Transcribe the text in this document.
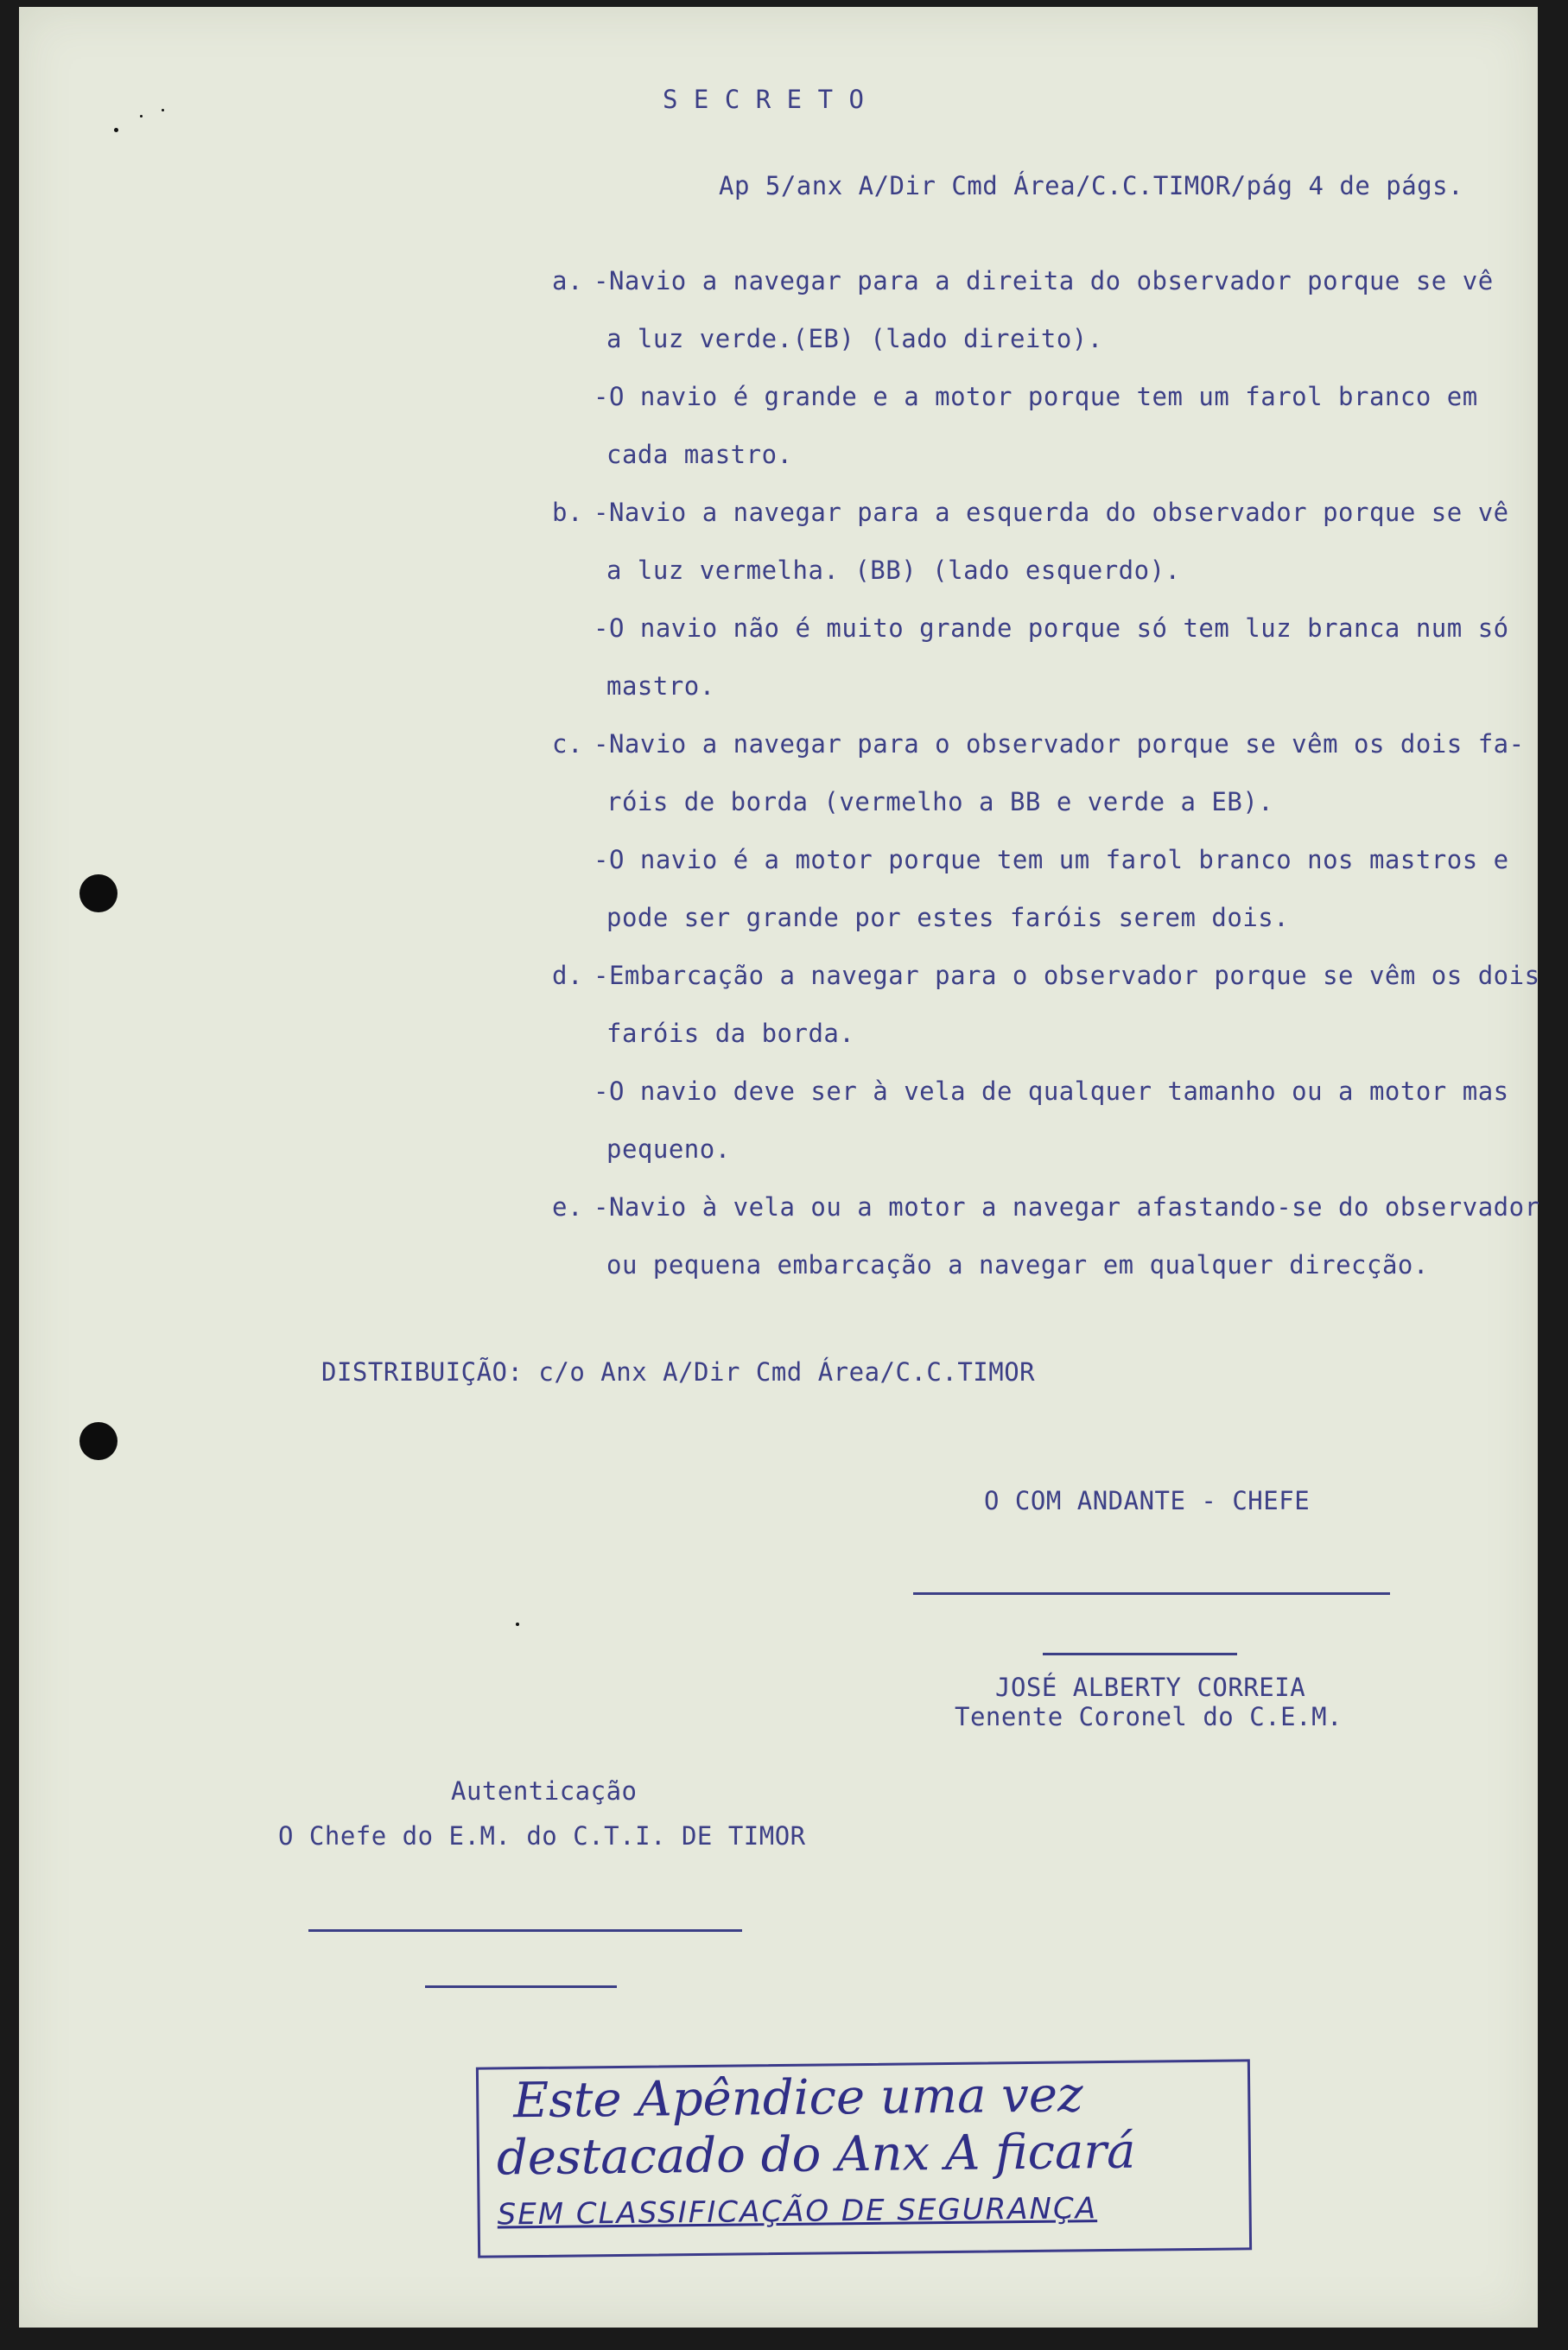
S E C R E T O
Ap 5/anx A/Dir Cmd Área/C.C.TIMOR/pág 4 de págs.
a. -Navio a navegar para a direita do observador porque se vê
a luz verde.(EB) (lado direito).
-O navio é grande e a motor porque tem um farol branco em
cada mastro.
b. -Navio a navegar para a esquerda do observador porque se vê
a luz vermelha. (BB) (lado esquerdo).
-O navio não é muito grande porque só tem luz branca num só
mastro.
c. -Navio a navegar para o observador porque se vêm os dois fa-
róis de borda (vermelho a BB e verde a EB).
-O navio é a motor porque tem um farol branco nos mastros e
pode ser grande por estes faróis serem dois.
d. -Embarcação a navegar para o observador porque se vêm os dois
faróis da borda.
-O navio deve ser à vela de qualquer tamanho ou a motor mas
pequeno.
e. -Navio à vela ou a motor a navegar afastando-se do observador
ou pequena embarcação a navegar em qualquer direcção.
DISTRIBUIÇÃO: c/o Anx A/Dir Cmd Área/C.C.TIMOR
O COM ANDANTE - CHEFE
JOSÉ ALBERTY CORREIA
Tenente Coronel do C.E.M.
Autenticação
O Chefe do E.M. do C.T.I. DE TIMOR
Este Apêndice uma vez
destacado do Anx A ficará
SEM CLASSIFICAÇÃO DE SEGURANÇA
